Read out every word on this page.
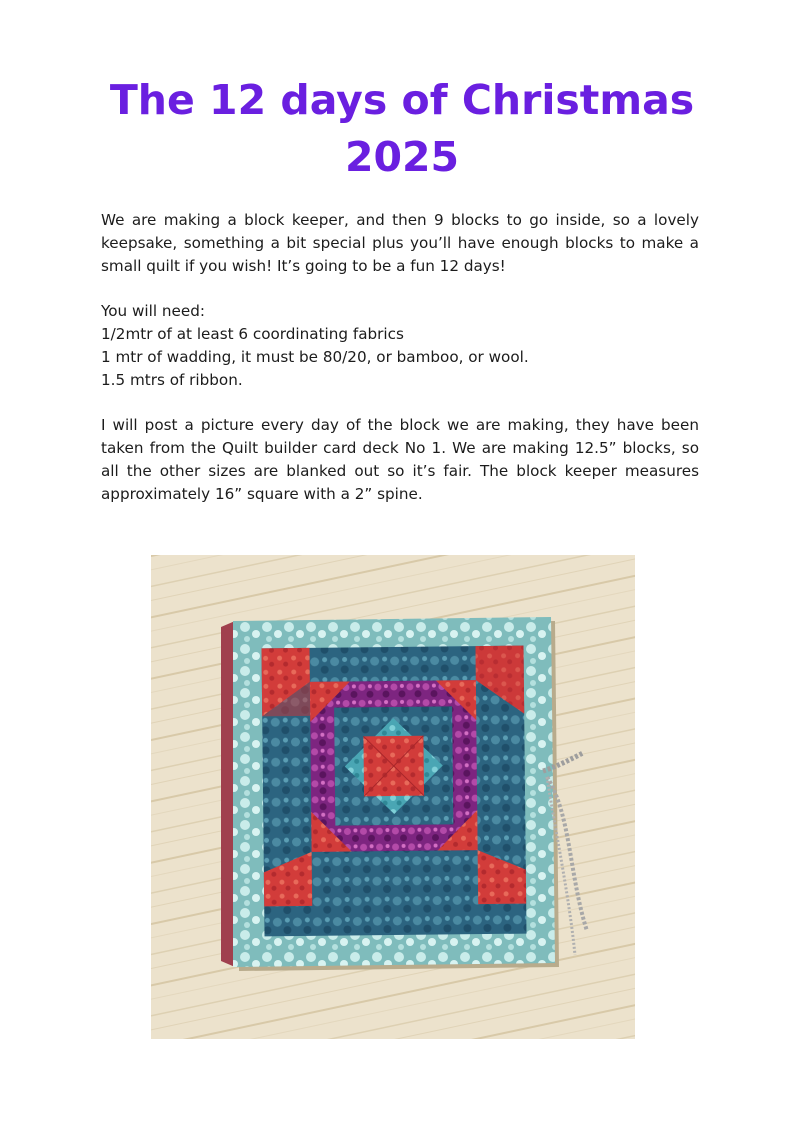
The 12 days of Christmas
2025
We are making a block keeper, and then 9 blocks to go inside, so a lovely keepsake, something a bit special plus you’ll have enough blocks to make a small quilt if you wish! It’s going to be a fun 12 days!
You will need:
1/2mtr of at least 6 coordinating fabrics
1 mtr of wadding, it must be 80/20, or bamboo, or wool.
1.5 mtrs of ribbon.
I will post a picture every day of the block we are making, they have been taken from the Quilt builder card deck No 1. We are making 12.5” blocks, so all the other sizes are blanked out so it’s fair. The block keeper measures approximately 16” square with a 2” spine.
